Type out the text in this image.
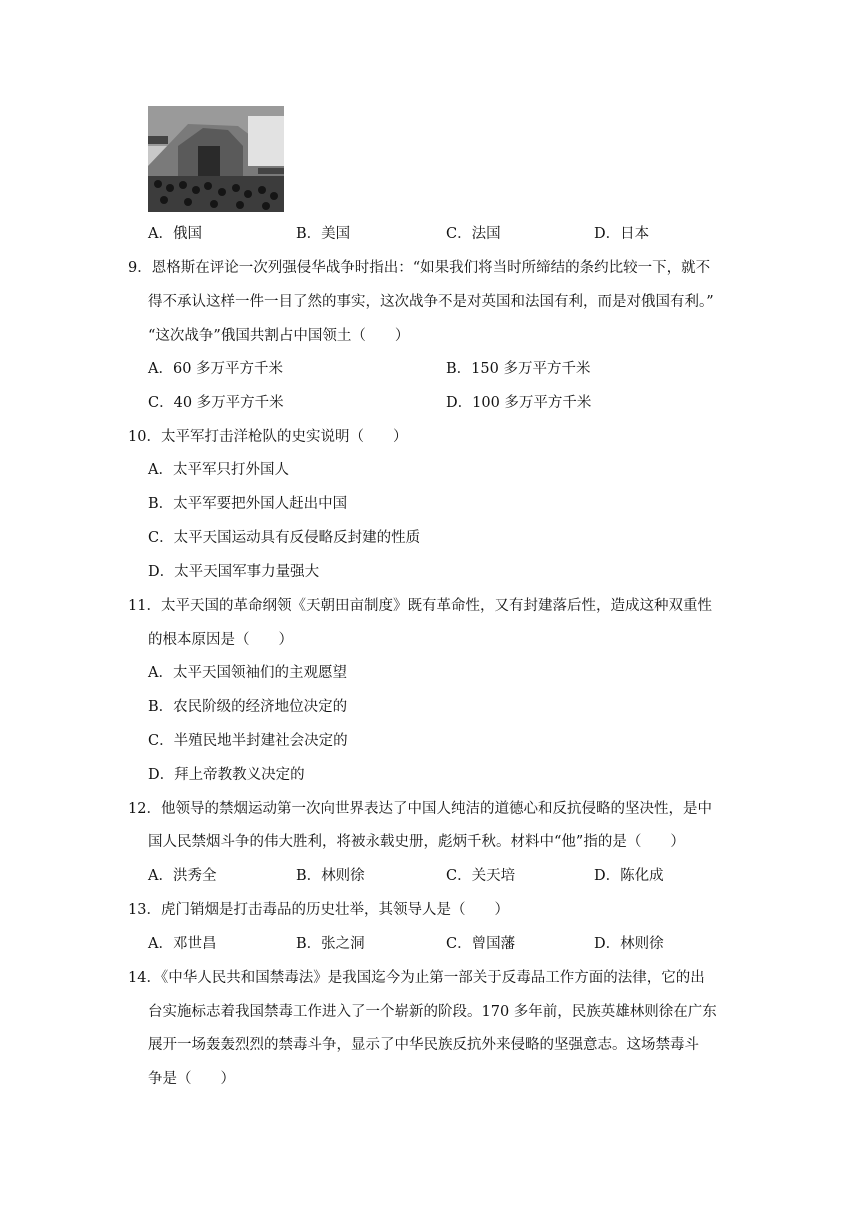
A．俄国	B．美国	C．法国	D．日本
9．恩格斯在评论一次列强侵华战争时指出：“如果我们将当时所缔结的条约比较一下，就不
得不承认这样一件一目了然的事实，这次战争不是对英国和法国有利，而是对俄国有利。”
“这次战争”俄国共割占中国领土（　　）
A．60 多万平方千米	B．150 多万平方千米
C．40 多万平方千米	D．100 多万平方千米
10．太平军打击洋枪队的史实说明（　　）
A．太平军只打外国人
B．太平军要把外国人赶出中国
C．太平天国运动具有反侵略反封建的性质
D．太平天国军事力量强大
11．太平天国的革命纲领《天朝田亩制度》既有革命性，又有封建落后性，造成这种双重性
的根本原因是（　　）
A．太平天国领袖们的主观愿望
B．农民阶级的经济地位决定的
C．半殖民地半封建社会决定的
D．拜上帝教教义决定的
12．他领导的禁烟运动第一次向世界表达了中国人纯洁的道德心和反抗侵略的坚决性，是中
国人民禁烟斗争的伟大胜利，将被永载史册，彪炳千秋。材料中“他”指的是（　　）
A．洪秀全	B．林则徐	C．关天培	D．陈化成
13．虎门销烟是打击毒品的历史壮举，其领导人是（　　）
A．邓世昌	B．张之洞	C．曾国藩	D．林则徐
14．《中华人民共和国禁毒法》是我国迄今为止第一部关于反毒品工作方面的法律，它的出
台实施标志着我国禁毒工作进入了一个崭新的阶段。170 多年前，民族英雄林则徐在广东
展开一场轰轰烈烈的禁毒斗争，显示了中华民族反抗外来侵略的坚强意志。这场禁毒斗
争是（　　）
